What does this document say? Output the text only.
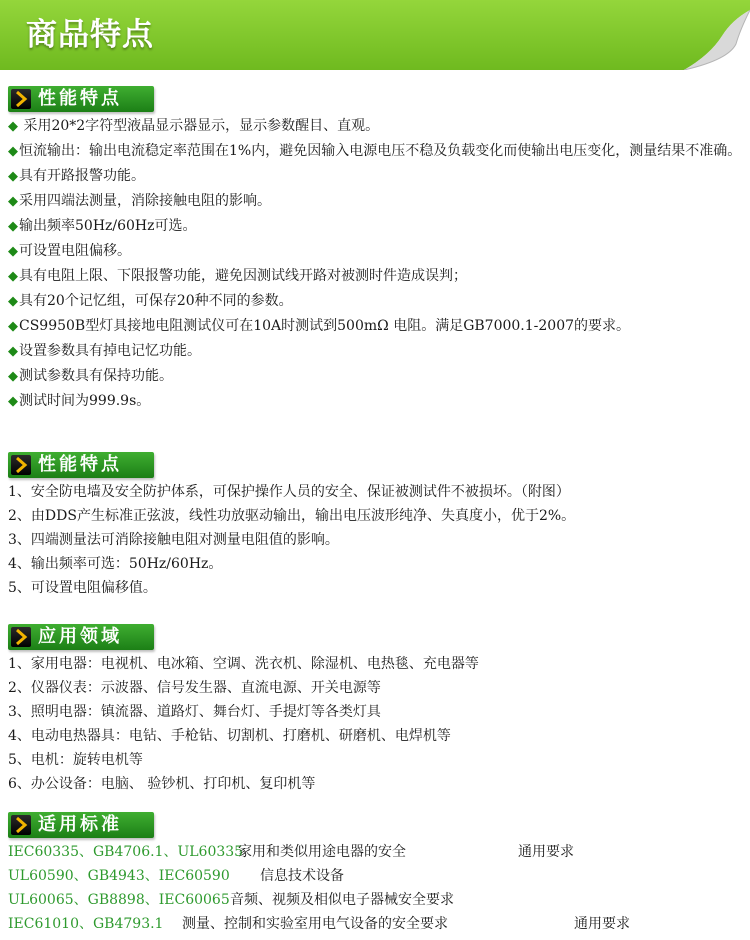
商品特点
性能特点
◆ 采用20*2字符型液晶显示器显示，显示参数醒目、直观。
◆恒流输出：输出电流稳定率范围在1%内，避免因输入电源电压不稳及负载变化而使输出电压变化，测量结果不准确。
◆具有开路报警功能。
◆采用四端法测量，消除接触电阻的影响。
◆输出频率50Hz/60Hz可选。
◆可设置电阻偏移。
◆具有电阻上限、下限报警功能，避免因测试线开路对被测时件造成误判；
◆具有20个记忆组，可保存20种不同的参数。
◆CS9950B型灯具接地电阻测试仪可在10A时测试到500mΩ 电阻。满足GB7000.1-2007的要求。
◆设置参数具有掉电记忆功能。
◆测试参数具有保持功能。
◆测试时间为999.9s。
性能特点
1、安全防电墙及安全防护体系，可保护操作人员的安全、保证被测试件不被损坏。（附图）
2、由DDS产生标准正弦波，线性功放驱动输出，输出电压波形纯净、失真度小，优于2%。
3、四端测量法可消除接触电阻对测量电阻值的影响。
4、输出频率可选：50Hz/60Hz。
5、可设置电阻偏移值。
应用领域
1、家用电器：电视机、电冰箱、空调、洗衣机、除湿机、电热毯、充电器等
2、仪器仪表：示波器、信号发生器、直流电源、开关电源等
3、照明电器：镇流器、道路灯、舞台灯、手提灯等各类灯具
4、电动电热器具：电钻、手枪钻、切割机、打磨机、研磨机、电焊机等
5、电机：旋转电机等
6、办公设备：电脑、 验钞机、打印机、复印机等
适用标准
IEC60335、GB4706.1、UL60335
家用和类似用途电器的安全	通用要求
UL60590、GB4943、IEC60590 信息技术设备
UL60065、GB8898、IEC60065 音频、视频及相似电子器械安全要求
IEC61010、GB4793.1 测量、控制和实验室用电气设备的安全要求	通用要求
